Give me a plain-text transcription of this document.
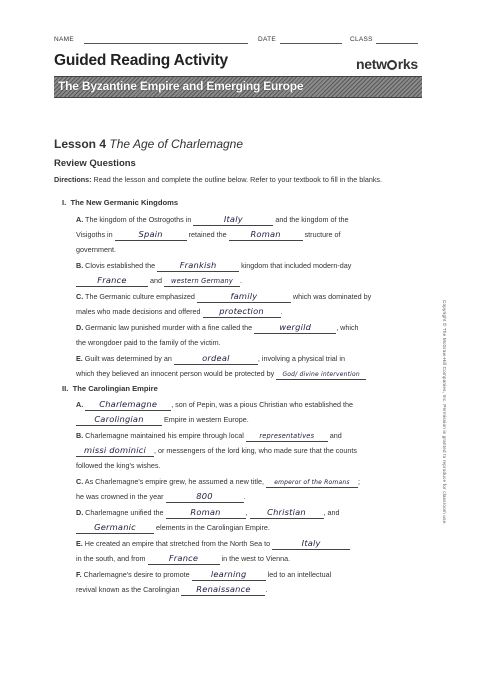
NAME	DATE	CLASS
Guided Reading Activity	netw rks
The Byzantine Empire and Emerging Europe
Lesson 4 The Age of Charlemagne
Review Questions
Directions: Read the lesson and complete the outline below. Refer to your textbook to fill in the blanks.
I. The New Germanic Kingdoms
A. The kingdom of the Ostrogoths in	Italy	and the kingdom of the
Visigoths in	Spain	retained the	Roman	structure of
government.
B. Clovis established the	Frankish	kingdom that included modern-day
France	and western Germany .
C. The Germanic culture emphasized	family	which was dominated by
males who made decisions and offered protection .
D. Germanic law punished murder with a fine called the	wergild	, which
the wrongdoer paid to the family of the victim.
E. Guilt was determined by an	ordeal	, involving a physical trial in
which they believed an innocent person would be protected by God/ divine intervention
II. The Carolingian Empire
A. Charlemagne , son of Pepin, was a pious Christian who established the
Carolingian	Empire in western Europe.
B. Charlemagne maintained his empire through local representatives and
missi dominici , or messengers of the lord king, who made sure that the counts
followed the king's wishes.
C. As Charlemagne's empire grew, he assumed a new title, emperor of the Romans ;
he was crowned in the year	800	.
D. Charlemagne unified the	Roman	, Christian , and
Germanic	elements in the Carolingian Empire.
E. He created an empire that stretched from the North Sea to	Italy
in the south, and from	France	in the west to Vienna.
F. Charlemagne's desire to promote learning	led to an intellectual
revival known as the Carolingian Renaissance .
Copyright © The McGraw-Hill Companies, Inc. Permission is granted to reproduce for classroom use.
